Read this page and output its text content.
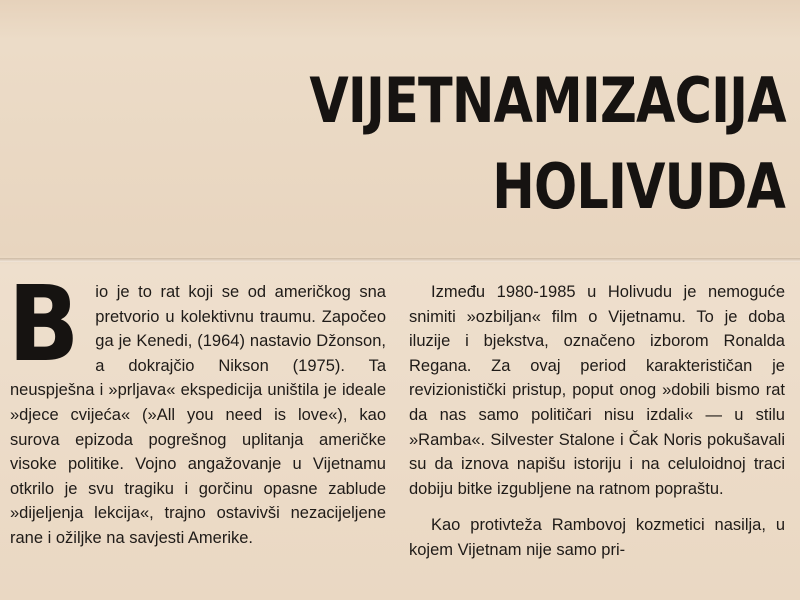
VIJETNAMIZACIJA
HOLIVUDA

Bio je to rat koji se od američkog sna pretvorio u kolektivnu traumu. Započeo ga je Kenedi, (1964) nastavio Džonson, a dokrajčio Nikson (1975). Ta neuspješna i »prljava« ekspedicija uništila je ideale »djece cvijeća« (»All you need is love«), kao surova epizoda pogrešnog uplitanja američke visoke politike. Vojno angažovanje u Vijetnamu otkrilo je svu tragiku i gorčinu opasne zablude »dijeljenja lekcija«, trajno ostavivši nezacijeljene rane i ožiljke na savjesti Amerike.

Između 1980-1985 u Holivudu je nemoguće snimiti »ozbiljan« film o Vijetnamu. To je doba iluzije i bjekstva, označeno izborom Ronalda Regana. Za ovaj period karakterističan je revizionistički pristup, poput onog »dobili bismo rat da nas samo političari nisu izdali« — u stilu »Ramba«. Silvester Stalone i Čak Noris pokušavali su da iznova napišu istoriju i na celuloidnoj traci dobiju bitke izgubljene na ratnom popraštu.

Kao protivteža Rambovoj kozmetici nasilja, u kojem Vijetnam nije samo pri-
